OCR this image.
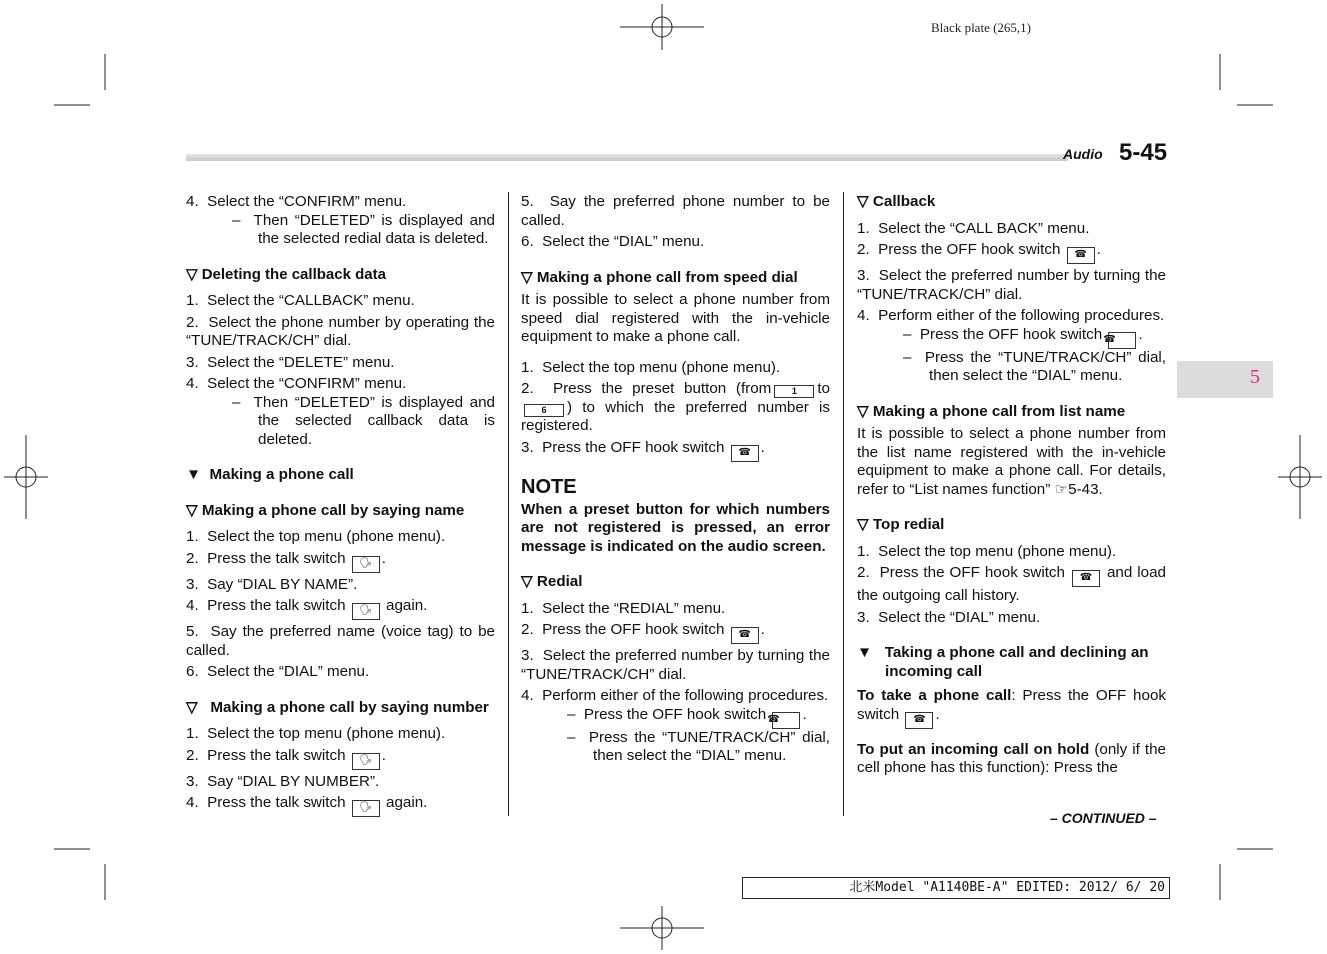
Black plate (265,1)
Audio 5-45
5

4.  Select the “CONFIRM” menu.

–  Then “DELETED” is displayed and the selected redial data is deleted.

▽ Deleting the callback data

1.  Select the “CALLBACK” menu.

2.  Select the phone number by operating the “TUNE/TRACK/CH” dial.

3.  Select the “DELETE” menu.

4.  Select the “CONFIRM” menu.

–  Then “DELETED” is displayed and the selected callback data is deleted.

▼  Making a phone call

▽ Making a phone call by saying name

1.  Select the top menu (phone menu).

2.  Press the talk switch 🗣 .

3.  Say “DIAL BY NAME”.

4.  Press the talk switch 🗣 again.

5.  Say the preferred name (voice tag) to be called.

6.  Select the “DIAL” menu.

▽   Making a phone call by saying number

1.  Select the top menu (phone menu).

2.  Press the talk switch 🗣 .

3.  Say “DIAL BY NUMBER”.

4.  Press the talk switch 🗣 again.

5.  Say the preferred phone number to be called.

6.  Select the “DIAL” menu.

▽ Making a phone call from speed dial

It is possible to select a phone number from speed dial registered with the in-vehicle equipment to make a phone call.

1.  Select the top menu (phone menu).

2.  Press the preset button (from 1 to 6 ) to which the preferred number is registered.

3.  Press the OFF hook switch ☎ .

NOTE

When a preset button for which numbers are not registered is pressed, an error message is indicated on the audio screen.

▽ Redial

1.  Select the “REDIAL” menu.

2.  Press the OFF hook switch ☎ .

3.  Select the preferred number by turning the “TUNE/TRACK/CH” dial.

4.  Perform either of the following procedures.

–  Press the OFF hook switch ☎ .

–  Press the “TUNE/TRACK/CH” dial, then select the “DIAL” menu.

▽ Callback

1.  Select the “CALL BACK” menu.

2.  Press the OFF hook switch ☎ .

3.  Select the preferred number by turning the “TUNE/TRACK/CH” dial.

4.  Perform either of the following procedures.

–  Press the OFF hook switch ☎ .

–  Press the “TUNE/TRACK/CH” dial, then select the “DIAL” menu.

▽ Making a phone call from list name

It is possible to select a phone number from the list name registered with the in-vehicle equipment to make a phone call. For details, refer to “List names function” ☞5-43.

▽ Top redial

1.  Select the top menu (phone menu).

2.  Press the OFF hook switch ☎ and load the outgoing call history.

3.  Select the “DIAL” menu.

▼   Taking a phone call and declining an incoming call

To take a phone call: Press the OFF hook switch ☎ .

To put an incoming call on hold (only if the cell phone has this function): Press the

– CONTINUED –
北米Model "A1140BE-A" EDITED: 2012/ 6/ 20
